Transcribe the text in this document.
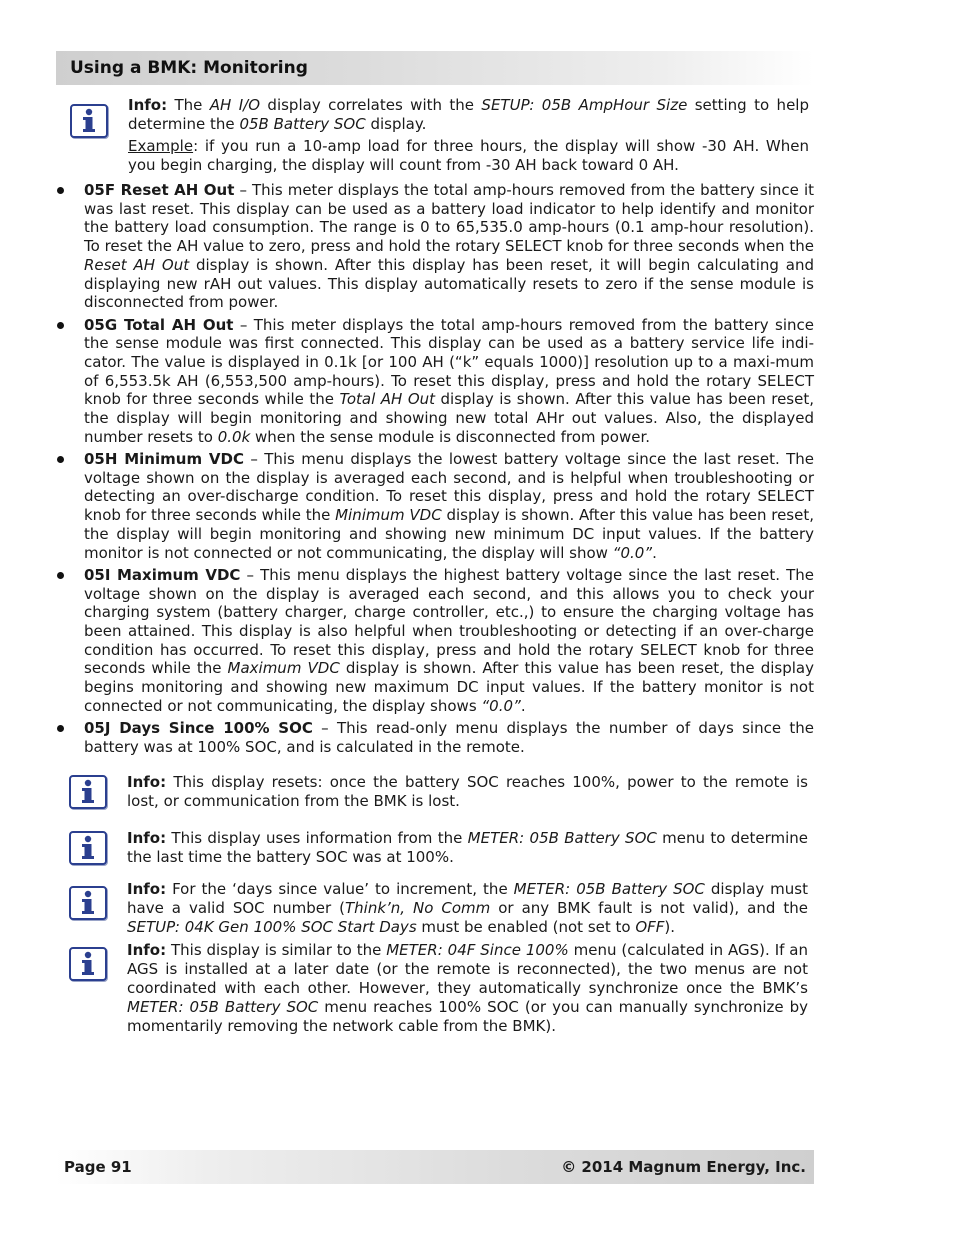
Using a BMK: Monitoring

Info: The AH I/O display correlates with the SETUP: 05B AmpHour Size setting to help determine the 05B Battery SOC display.

Example: if you run a 10-amp load for three hours, the display will show -30 AH. When you begin charging, the display will count from -30 AH back toward 0 AH.

05F Reset AH Out – This meter displays the total amp-hours removed from the battery since it was last reset. This display can be used as a battery load indicator to help identify and monitor the battery load consumption. The range is 0 to 65,535.0 amp-hours (0.1 amp-hour resolution). To reset the AH value to zero, press and hold the rotary SELECT knob for three seconds when the Reset AH Out display is shown. After this display has been reset, it will begin calculating and displaying new rAH out values. This display automatically resets to zero if the sense module is disconnected from power.
05G Total AH Out – This meter displays the total amp-hours removed from the battery since the sense module was first connected. This display can be used as a battery service life indi-cator. The value is displayed in 0.1k [or 100 AH (“k” equals 1000)] resolution up to a maxi-mum of 6,553.5k AH (6,553,500 amp-hours). To reset this display, press and hold the rotary SELECT knob for three seconds while the Total AH Out display is shown. After this value has been reset, the display will begin monitoring and showing new total AHr out values. Also, the displayed number resets to 0.0k when the sense module is disconnected from power.
05H Minimum VDC – This menu displays the lowest battery voltage since the last reset. The voltage shown on the display is averaged each second, and is helpful when troubleshooting or detecting an over-discharge condition. To reset this display, press and hold the rotary SELECT knob for three seconds while the Minimum VDC display is shown. After this value has been reset, the display will begin monitoring and showing new minimum DC input values. If the battery monitor is not connected or not communicating, the display will show “0.0”.
05I Maximum VDC – This menu displays the highest battery voltage since the last reset. The voltage shown on the display is averaged each second, and this allows you to check your charging system (battery charger, charge controller, etc.,) to ensure the charging voltage has been attained. This display is also helpful when troubleshooting or detecting if an over-charge condition has occurred. To reset this display, press and hold the rotary SELECT knob for three seconds while the Maximum VDC display is shown. After this value has been reset, the display begins monitoring and showing new maximum DC input values. If the battery monitor is not connected or not communicating, the display shows “0.0”.
05J Days Since 100% SOC – This read-only menu displays the number of days since the battery was at 100% SOC, and is calculated in the remote.

Info: This display resets: once the battery SOC reaches 100%, power to the remote is lost, or communication from the BMK is lost.

Info: This display uses information from the METER: 05B Battery SOC menu to determine the last time the battery SOC was at 100%.

Info: For the ‘days since value’ to increment, the METER: 05B Battery SOC display must have a valid SOC number (Think’n, No Comm or any BMK fault is not valid), and the SETUP: 04K Gen 100% SOC Start Days must be enabled (not set to OFF).

Info: This display is similar to the METER: 04F Since 100% menu (calculated in AGS). If an AGS is installed at a later date (or the remote is reconnected), the two menus are not coordinated with each other. However, they automatically synchronize once the BMK’s METER: 05B Battery SOC menu reaches 100% SOC (or you can manually synchronize by momentarily removing the network cable from the BMK).

Page 91	© 2014 Magnum Energy, Inc.
